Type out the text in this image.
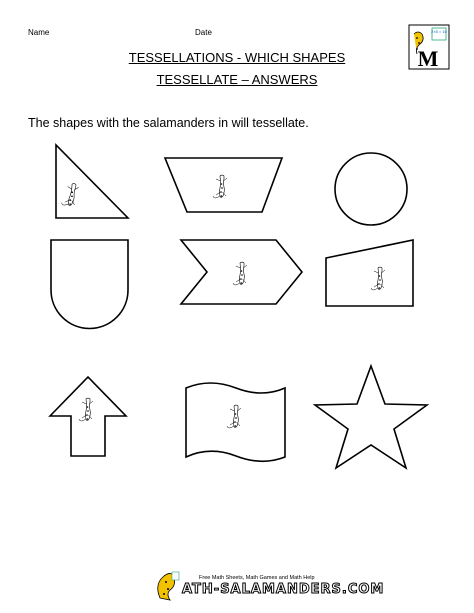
Name	Date
TESSELLATIONS - WHICH SHAPES
TESSELLATE – ANSWERS
The shapes with the salamanders in will tessellate.
2×5 = 10
M
Free Math Sheets, Math Games and Math Help
ATH-SALAMANDERS.COM
